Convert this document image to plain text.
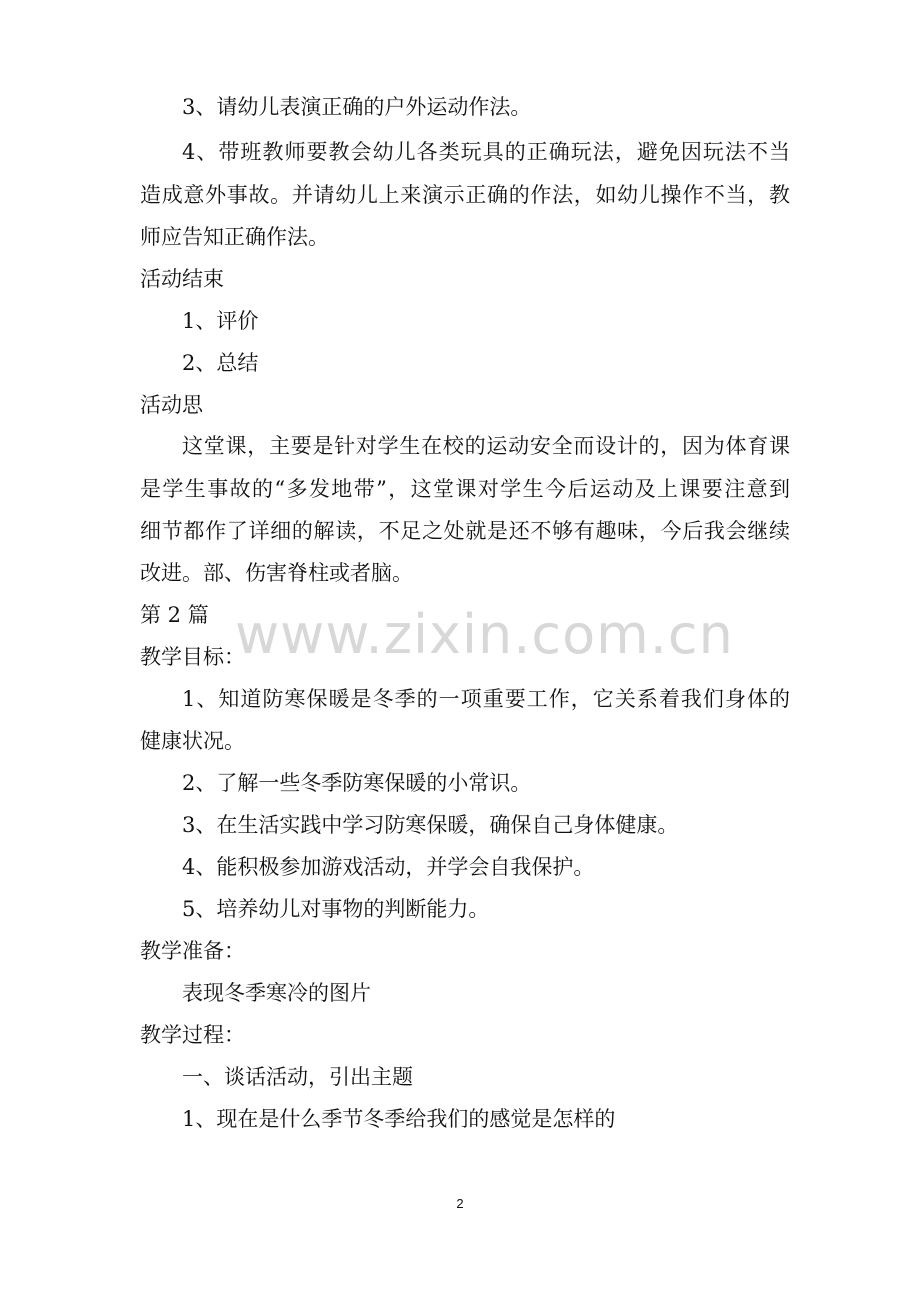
3、请幼儿表演正确的户外运动作法。
4、带班教师要教会幼儿各类玩具的正确玩法，避免因玩法不当
造成意外事故。并请幼儿上来演示正确的作法，如幼儿操作不当，教
师应告知正确作法。
活动结束
1、评价
2、总结
活动思
这堂课，主要是针对学生在校的运动安全而设计的，因为体育课
是学生事故的“多发地带”，这堂课对学生今后运动及上课要注意到
细节都作了详细的解读，不足之处就是还不够有趣味，今后我会继续
改进。部、伤害脊柱或者脑。
第 2 篇
教学目标：
1、知道防寒保暖是冬季的一项重要工作，它关系着我们身体的
健康状况。
2、了解一些冬季防寒保暖的小常识。
3、在生活实践中学习防寒保暖，确保自己身体健康。
4、能积极参加游戏活动，并学会自我保护。
5、培养幼儿对事物的判断能力。
教学准备：
表现冬季寒冷的图片
教学过程：
一、谈话活动，引出主题
1、现在是什么季节冬季给我们的感觉是怎样的
www.zixin.com.cn
2
